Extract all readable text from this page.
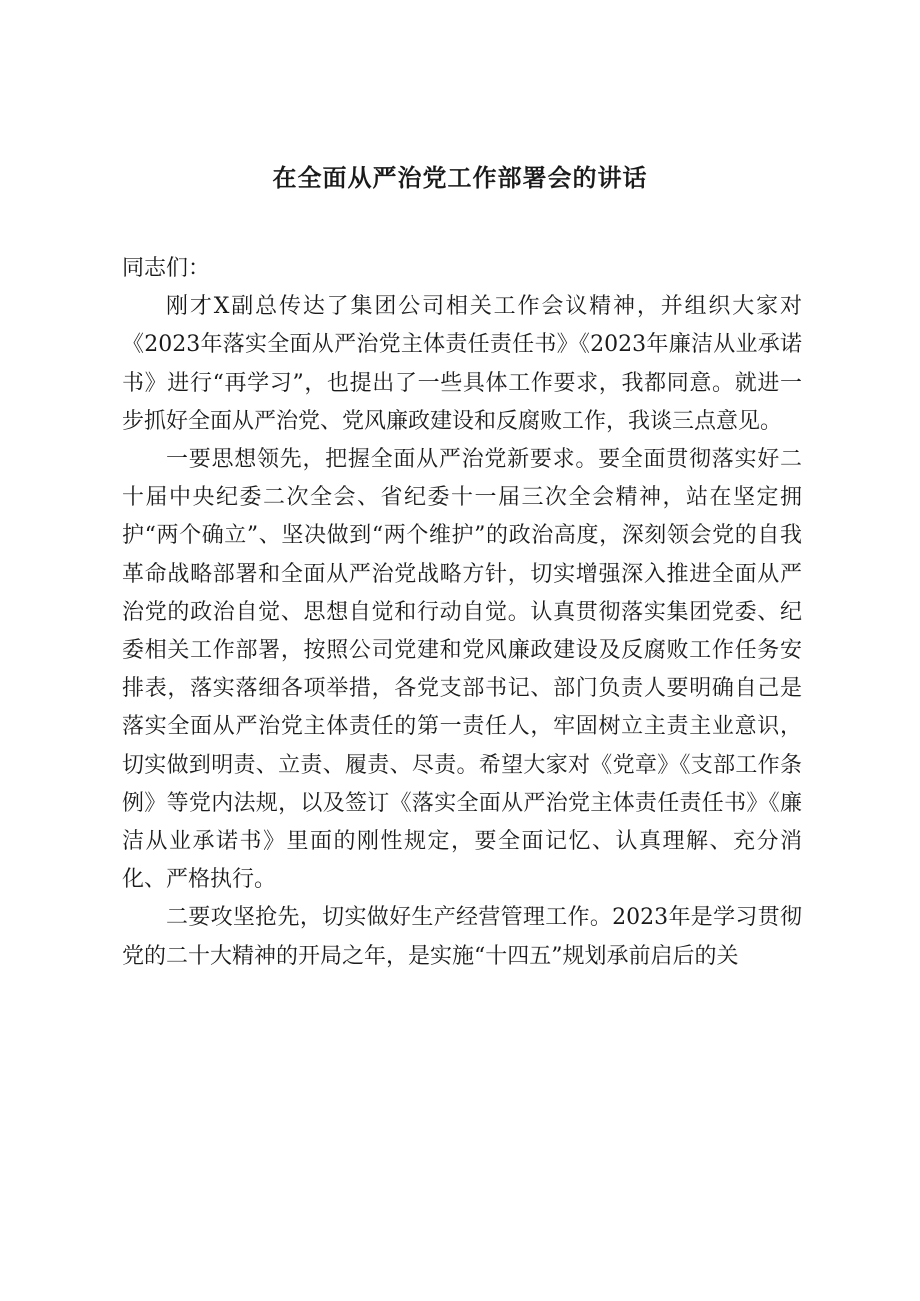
在全面从严治党工作部署会的讲话

同志们：

刚才X副总传达了集团公司相关工作会议精神，并组织大家对《2023年落实全面从严治党主体责任责任书》《2023年廉洁从业承诺书》进行“再学习”，也提出了一些具体工作要求，我都同意。就进一步抓好全面从严治党、党风廉政建设和反腐败工作，我谈三点意见。

一要思想领先，把握全面从严治党新要求。要全面贯彻落实好二十届中央纪委二次全会、省纪委十一届三次全会精神，站在坚定拥护“两个确立”、坚决做到“两个维护”的政治高度，深刻领会党的自我革命战略部署和全面从严治党战略方针，切实增强深入推进全面从严治党的政治自觉、思想自觉和行动自觉。认真贯彻落实集团党委、纪委相关工作部署，按照公司党建和党风廉政建设及反腐败工作任务安排表，落实落细各项举措，各党支部书记、部门负责人要明确自己是落实全面从严治党主体责任的第一责任人，牢固树立主责主业意识，切实做到明责、立责、履责、尽责。希望大家对《党章》《支部工作条例》等党内法规，以及签订《落实全面从严治党主体责任责任书》《廉洁从业承诺书》里面的刚性规定，要全面记忆、认真理解、充分消化、严格执行。

二要攻坚抢先，切实做好生产经营管理工作。2023年是学习贯彻党的二十大精神的开局之年，是实施“十四五”规划承前启后的关
